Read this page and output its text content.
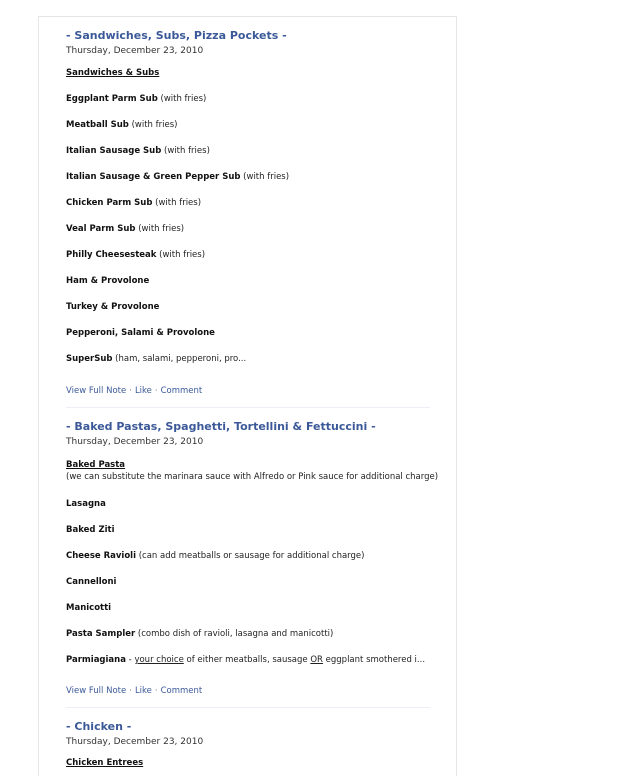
- Sandwiches, Subs, Pizza Pockets -
Thursday, December 23, 2010
Sandwiches & Subs
Eggplant Parm Sub (with fries)
Meatball Sub (with fries)
Italian Sausage Sub (with fries)
Italian Sausage & Green Pepper Sub (with fries)
Chicken Parm Sub (with fries)
Veal Parm Sub (with fries)
Philly Cheesesteak (with fries)
Ham & Provolone
Turkey & Provolone
Pepperoni, Salami & Provolone
SuperSub (ham, salami, pepperoni, pro...
View Full Note · Like · Comment
- Baked Pastas, Spaghetti, Tortellini & Fettuccini -
Thursday, December 23, 2010
Baked Pasta
(we can substitute the marinara sauce with Alfredo or Pink sauce for additional charge)
Lasagna
Baked Ziti
Cheese Ravioli (can add meatballs or sausage for additional charge)
Cannelloni
Manicotti
Pasta Sampler (combo dish of ravioli, lasagna and manicotti)
Parmiagiana - your choice of either meatballs, sausage OR eggplant smothered i...
View Full Note · Like · Comment
- Chicken -
Thursday, December 23, 2010
Chicken Entrees
